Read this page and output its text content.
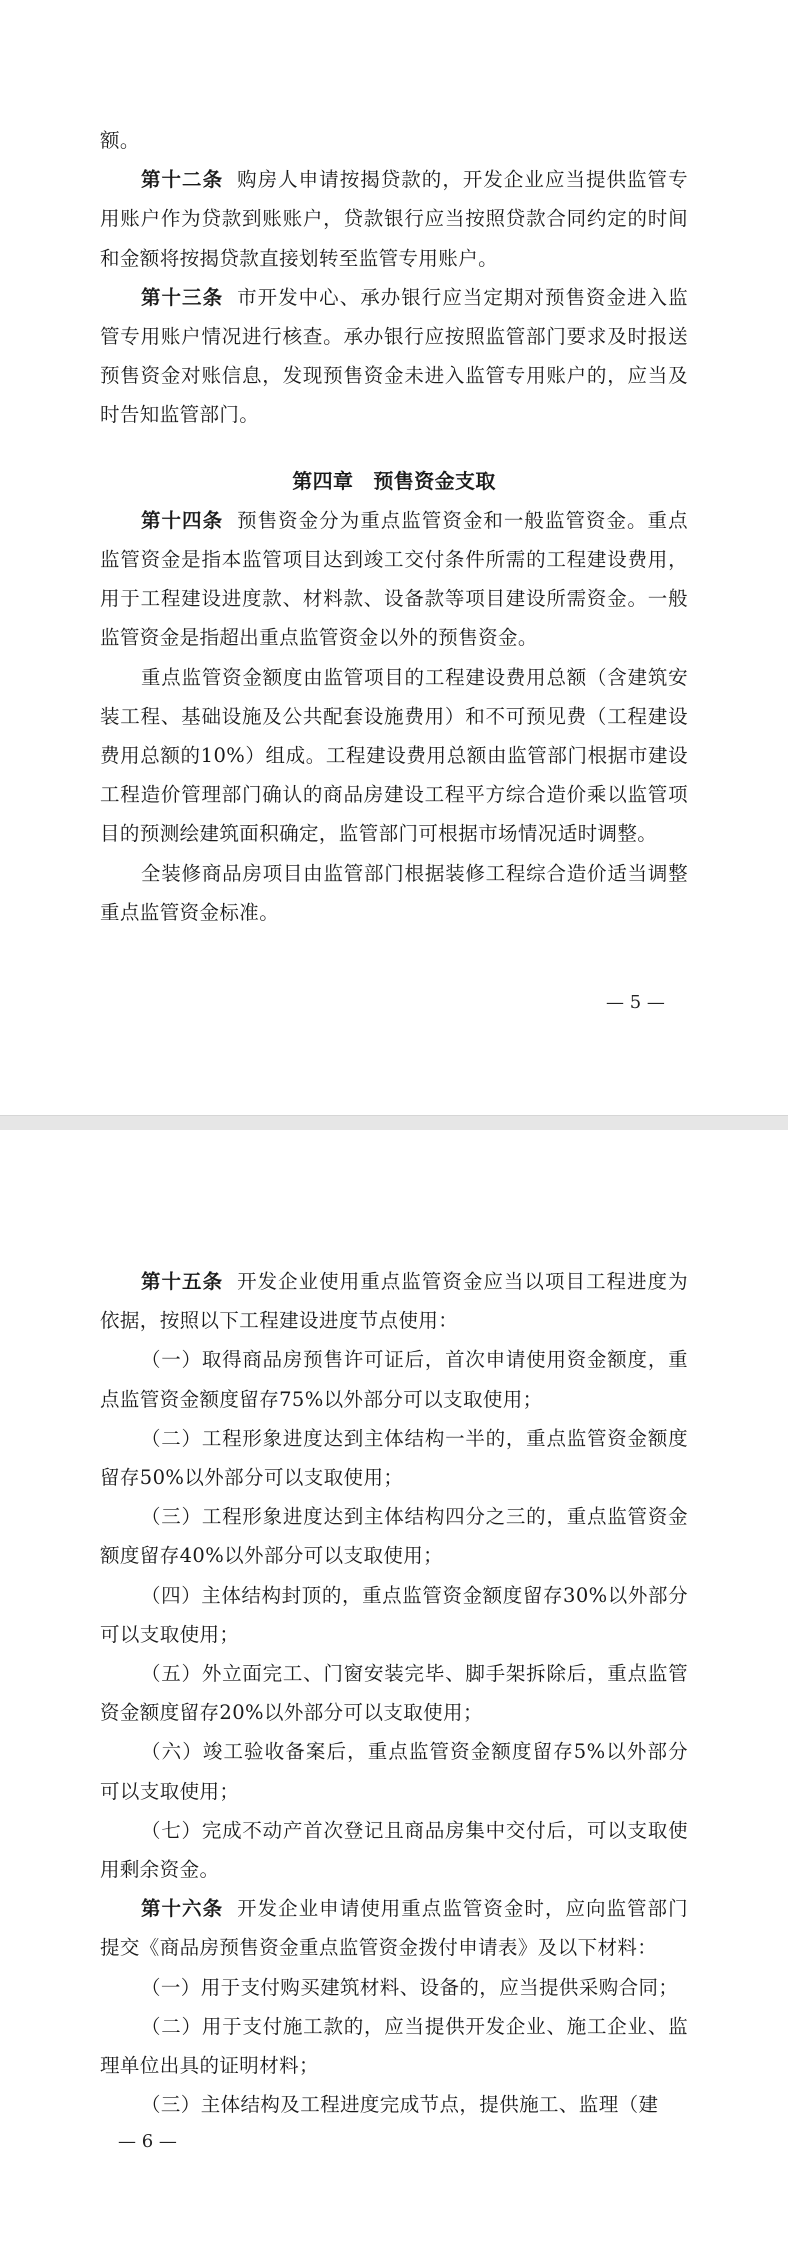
额。

第十二条 购房人申请按揭贷款的，开发企业应当提供监管专用账户作为贷款到账账户，贷款银行应当按照贷款合同约定的时间和金额将按揭贷款直接划转至监管专用账户。

第十三条 市开发中心、承办银行应当定期对预售资金进入监管专用账户情况进行核查。承办银行应按照监管部门要求及时报送预售资金对账信息，发现预售资金未进入监管专用账户的，应当及时告知监管部门。

第四章 预售资金支取

第十四条 预售资金分为重点监管资金和一般监管资金。重点监管资金是指本监管项目达到竣工交付条件所需的工程建设费用，用于工程建设进度款、材料款、设备款等项目建设所需资金。一般监管资金是指超出重点监管资金以外的预售资金。

重点监管资金额度由监管项目的工程建设费用总额（含建筑安装工程、基础设施及公共配套设施费用）和不可预见费（工程建设费用总额的10%）组成。工程建设费用总额由监管部门根据市建设工程造价管理部门确认的商品房建设工程平方综合造价乘以监管项目的预测绘建筑面积确定，监管部门可根据市场情况适时调整。

全装修商品房项目由监管部门根据装修工程综合造价适当调整重点监管资金标准。

— 5 —

第十五条 开发企业使用重点监管资金应当以项目工程进度为依据，按照以下工程建设进度节点使用：

（一）取得商品房预售许可证后，首次申请使用资金额度，重点监管资金额度留存75%以外部分可以支取使用；

（二）工程形象进度达到主体结构一半的，重点监管资金额度留存50%以外部分可以支取使用；

（三）工程形象进度达到主体结构四分之三的，重点监管资金额度留存40%以外部分可以支取使用；

（四）主体结构封顶的，重点监管资金额度留存30%以外部分可以支取使用；

（五）外立面完工、门窗安装完毕、脚手架拆除后，重点监管资金额度留存20%以外部分可以支取使用；

（六）竣工验收备案后，重点监管资金额度留存5%以外部分可以支取使用；

（七）完成不动产首次登记且商品房集中交付后，可以支取使用剩余资金。

第十六条 开发企业申请使用重点监管资金时，应向监管部门提交《商品房预售资金重点监管资金拨付申请表》及以下材料：

（一）用于支付购买建筑材料、设备的，应当提供采购合同；

（二）用于支付施工款的，应当提供开发企业、施工企业、监理单位出具的证明材料；

（三）主体结构及工程进度完成节点，提供施工、监理（建

— 6 —
